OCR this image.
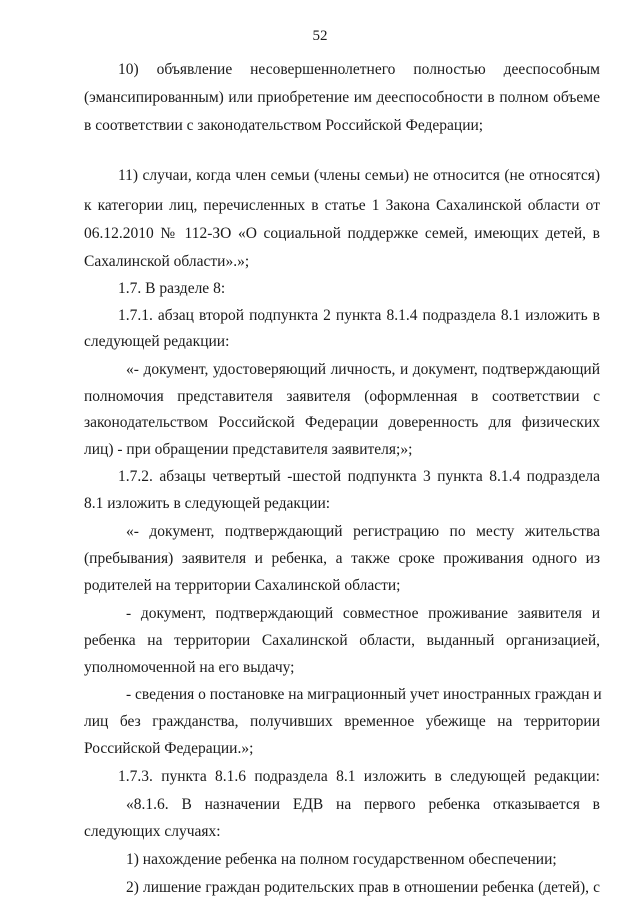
52
10) объявление несовершеннолетнего полностью дееспособным
(эмансипированным) или приобретение им дееспособности в полном объеме
в соответствии с законодательством Российской Федерации;
11) случаи, когда член семьи (члены семьи) не относится (не относятся)
к категории лиц, перечисленных в статье 1 Закона Сахалинской области от
06.12.2010 № 112-ЗО «О социальной поддержке семей, имеющих детей, в
Сахалинской области».»;
1.7. В разделе 8:
1.7.1. абзац второй подпункта 2 пункта 8.1.4 подраздела 8.1 изложить в
следующей редакции:
«- документ, удостоверяющий личность, и документ, подтверждающий
полномочия представителя заявителя (оформленная в соответствии с
законодательством Российской Федерации доверенность для физических
лиц) - при обращении представителя заявителя;»;
1.7.2. абзацы четвертый -шестой подпункта 3 пункта 8.1.4 подраздела
8.1 изложить в следующей редакции:
«- документ, подтверждающий регистрацию по месту жительства
(пребывания) заявителя и ребенка, а также сроке проживания одного из
родителей на территории Сахалинской области;
- документ, подтверждающий совместное проживание заявителя и
ребенка на территории Сахалинской области, выданный организацией,
уполномоченной на его выдачу;
- сведения о постановке на миграционный учет иностранных граждан и
лиц без гражданства, получивших временное убежище на территории
Российской Федерации.»;
1.7.3. пункта 8.1.6 подраздела 8.1 изложить в следующей редакции:
«8.1.6. В назначении ЕДВ на первого ребенка отказывается в
следующих случаях:
1) нахождение ребенка на полном государственном обеспечении;
2) лишение граждан родительских прав в отношении ребенка (детей), с
